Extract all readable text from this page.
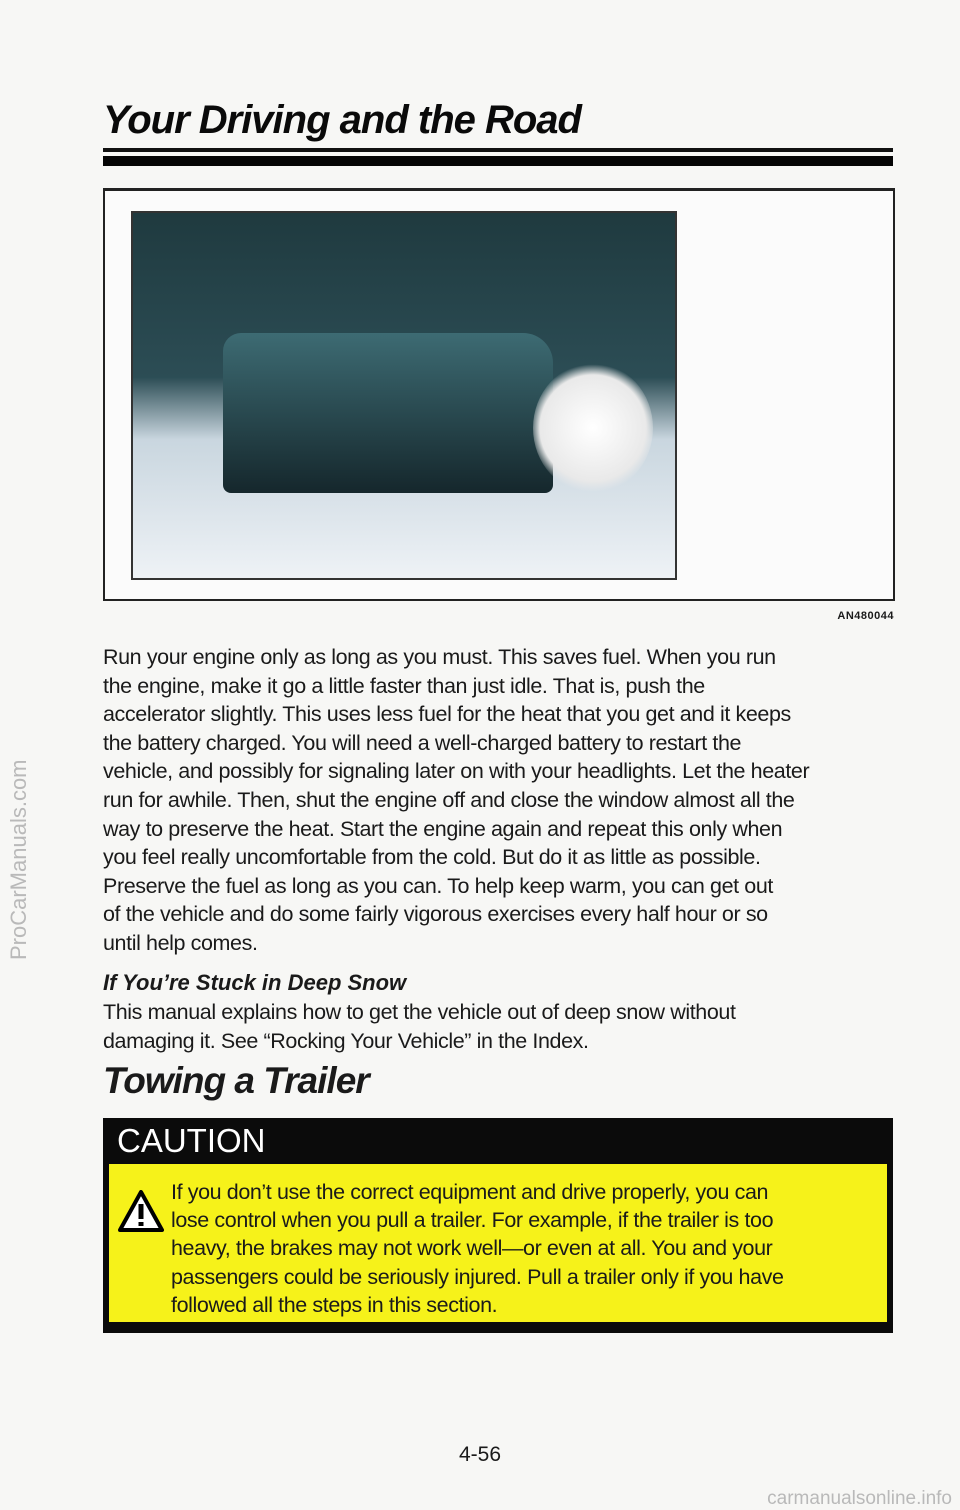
Your Driving and the Road
AN480044
Run your engine only as long as you must. This saves fuel. When you run
the engine, make it go a little faster than just idle. That is, push the
accelerator slightly. This uses less fuel for the heat that you get and it keeps
the battery charged. You will need a well-charged battery to restart the
vehicle, and possibly for signaling later on with your headlights. Let the heater
run for awhile. Then, shut the engine off and close the window almost all the
way to preserve the heat. Start the engine again and repeat this only when
you feel really uncomfortable from the cold. But do it as little as possible.
Preserve the fuel as long as you can. To help keep warm, you can get out
of the vehicle and do some fairly vigorous exercises every half hour or so
until help comes.
If You’re Stuck in Deep Snow
This manual explains how to get the vehicle out of deep snow without
damaging it. See “Rocking Your Vehicle” in the Index.
Towing a Trailer
CAUTION
If you don’t use the correct equipment and drive properly, you can
lose control when you pull a trailer. For example, if the trailer is too
heavy, the brakes may not work well—or even at all. You and your
passengers could be seriously injured. Pull a trailer only if you have
followed all the steps in this section.
4-56
ProCarManuals.com
carmanualsonline.info
